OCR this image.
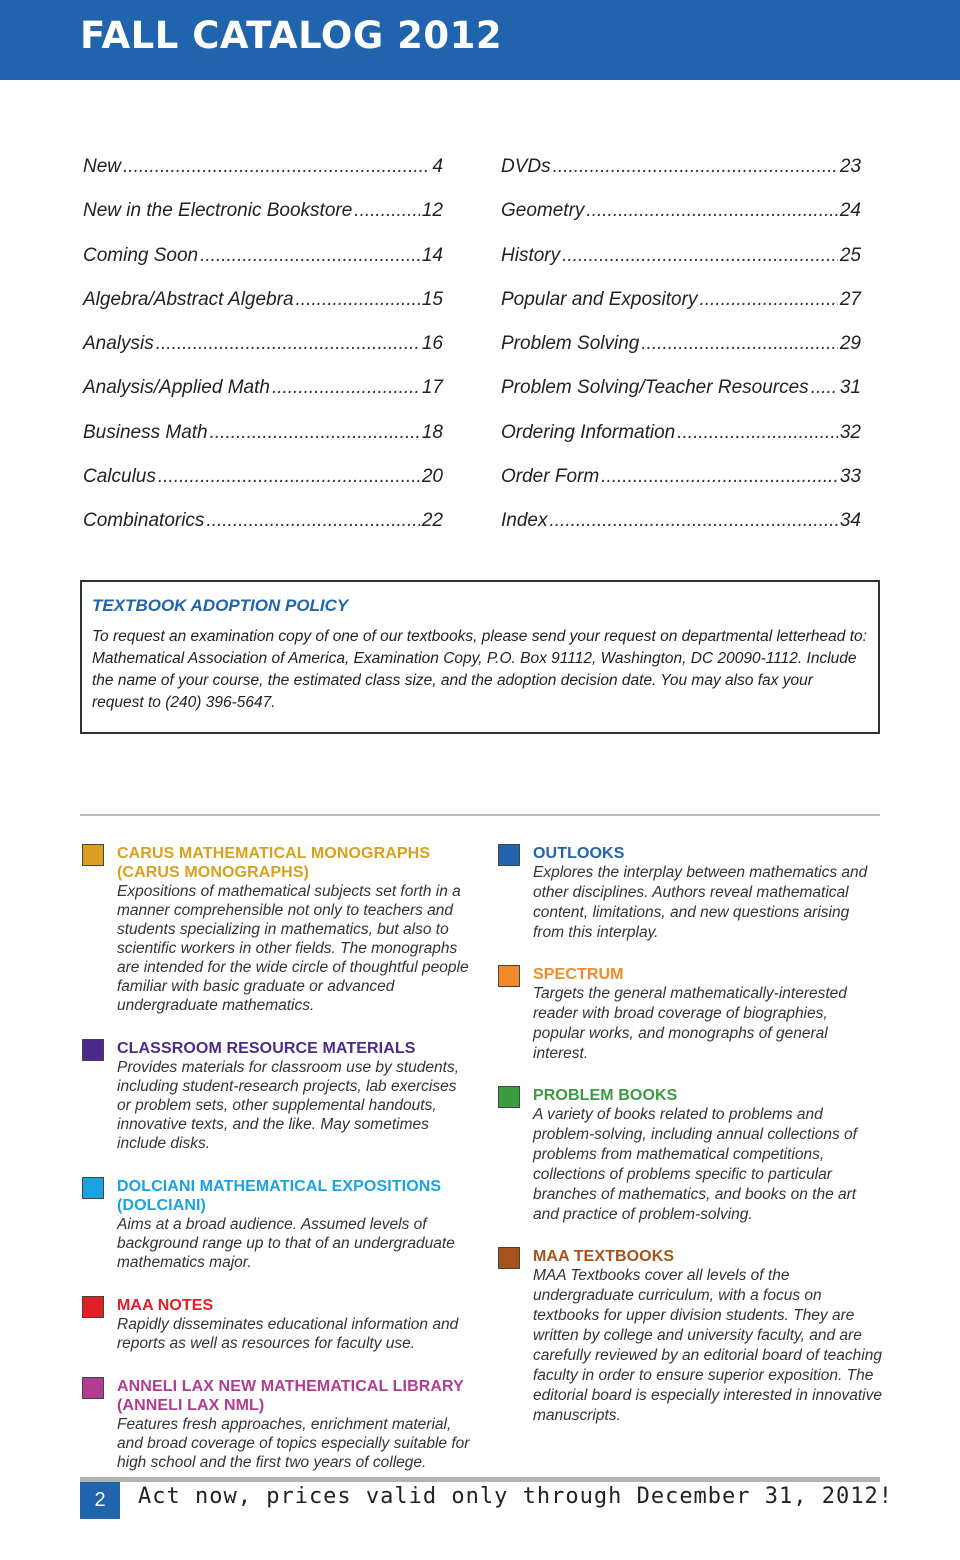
FALL CATALOG 2012
New .....	4
New in the Electronic Bookstore .....	12
Coming Soon .....	14
Algebra/Abstract Algebra .....	15
Analysis .....	16
Analysis/Applied Math .....	17
Business Math .....	18
Calculus .....	20
Combinatorics .....	22
DVDs .....	23
Geometry .....	24
History .....	25
Popular and Expository .....	27
Problem Solving .....	29
Problem Solving/Teacher Resources ..... 31
Ordering Information .....	32
Order Form .....	33
Index .....	34
TEXTBOOK ADOPTION POLICY
To request an examination copy of one of our textbooks, please send your request on departmental letterhead to: Mathematical Association of America, Examination Copy, P.O. Box 91112, Washington, DC 20090-1112. Include the name of your course, the estimated class size, and the adoption decision date. You may also fax your request to (240) 396-5647.
CARUS MATHEMATICAL MONOGRAPHS (CARUS MONOGRAPHS)
Expositions of mathematical subjects set forth in a manner comprehensible not only to teachers and students specializing in mathematics, but also to scientific workers in other fields. The monographs are intended for the wide circle of thoughtful people familiar with basic graduate or advanced undergraduate mathematics.
CLASSROOM RESOURCE MATERIALS
Provides materials for classroom use by students, including student-research projects, lab exercises or problem sets, other supplemental handouts, innovative texts, and the like. May sometimes include disks.
DOLCIANI MATHEMATICAL EXPOSITIONS (DOLCIANI)
Aims at a broad audience. Assumed levels of background range up to that of an undergraduate mathematics major.
MAA NOTES
Rapidly disseminates educational information and reports as well as resources for faculty use.
ANNELI LAX NEW MATHEMATICAL LIBRARY (ANNELI LAX NML)
Features fresh approaches, enrichment material, and broad coverage of topics especially suitable for high school and the first two years of college.
OUTLOOKS
Explores the interplay between mathematics and other disciplines. Authors reveal mathematical content, limitations, and new questions arising from this interplay.
SPECTRUM
Targets the general mathematically-interested reader with broad coverage of biographies, popular works, and monographs of general interest.
PROBLEM BOOKS
A variety of books related to problems and problem-solving, including annual collections of problems from mathematical competitions, collections of problems specific to particular branches of mathematics, and books on the art and practice of problem-solving.
MAA TEXTBOOKS
MAA Textbooks cover all levels of the undergraduate curriculum, with a focus on textbooks for upper division students. They are written by college and university faculty, and are carefully reviewed by an editorial board of teaching faculty in order to ensure superior exposition. The editorial board is especially interested in innovative manuscripts.
2	Act now, prices valid only through December 31, 2012!
